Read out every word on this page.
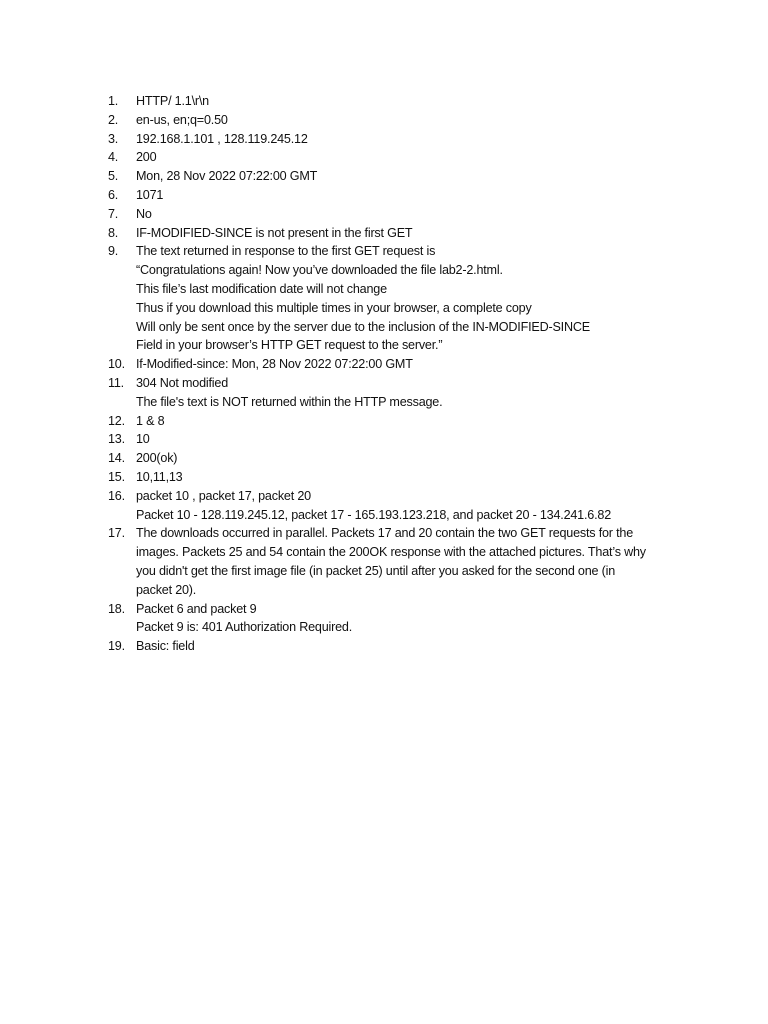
1.	HTTP/ 1.1\r\n
2.	en-us, en;q=0.50
3.	192.168.1.101 , 128.119.245.12
4.	200
5.	Mon, 28 Nov 2022 07:22:00 GMT
6.	1071
7.	No
8.	IF-MODIFIED-SINCE is not present in the first GET
9.	The text returned in response to the first GET request is
“Congratulations again! Now you’ve downloaded the file lab2-2.html.
This file’s last modification date will not change
Thus if you download this multiple times in your browser, a complete copy
Will only be sent once by the server due to the inclusion of the IN-MODIFIED-SINCE
Field in your browser’s HTTP GET request to the server.”
10. If-Modified-since: Mon, 28 Nov 2022 07:22:00 GMT
11. 304 Not modified
The file's text is NOT returned within the HTTP message.
12. 1 & 8
13. 10
14. 200(ok)
15. 10,11,13
16. packet 10 , packet 17, packet 20
Packet 10 - 128.119.245.12, packet 17 - 165.193.123.218, and packet 20 - 134.241.6.82
17. The downloads occurred in parallel. Packets 17 and 20 contain the two GET requests for the
images. Packets 25 and 54 contain the 200OK response with the attached pictures. That’s why
you didn't get the first image file (in packet 25) until after you asked for the second one (in
packet 20).
18. Packet 6 and packet 9
Packet 9 is: 401 Authorization Required.
19. Basic: field
